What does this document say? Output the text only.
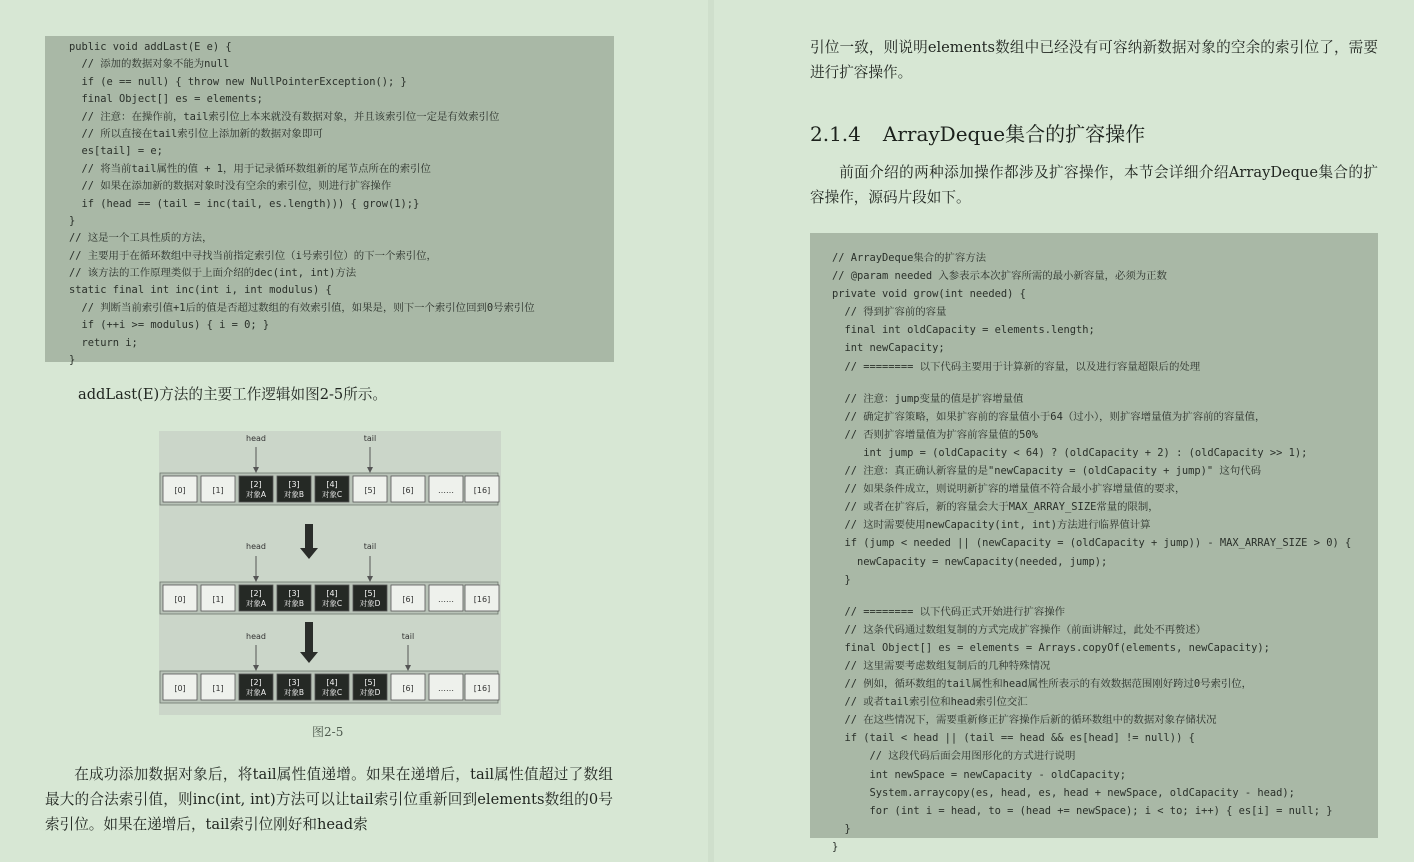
public void addLast(E e) {
// 添加的数据对象不能为null
if (e == null) { throw new NullPointerException(); }
final Object[] es = elements;
// 注意：在操作前，tail索引位上本来就没有数据对象，并且该索引位一定是有效索引位
// 所以直接在tail索引位上添加新的数据对象即可
es[tail] = e;
// 将当前tail属性的值 + 1，用于记录循环数组新的尾节点所在的索引位
// 如果在添加新的数据对象时没有空余的索引位，则进行扩容操作
if (head == (tail = inc(tail, es.length))) { grow(1);}
}
// 这是一个工具性质的方法，
// 主要用于在循环数组中寻找当前指定索引位（i号索引位）的下一个索引位，
// 该方法的工作原理类似于上面介绍的dec(int, int)方法
static final int inc(int i, int modulus) {
// 判断当前索引值+1后的值是否超过数组的有效索引值，如果是，则下一个索引位回到0号索引位
if (++i >= modulus) { i = 0; }
return i;
}
addLast(E)方法的主要工作逻辑如图2-5所示。
[0]	[1]
[2]
对象A
[3]
对象B
[4]
对象C	[5]	[6]	…… [16]
head	tail
[0]	[1]
[2]
对象A
[3]
对象B
[4]
对象C
[5]
对象D	[6]	…… [16]
head	tail
[0]	[1]
[2]
对象A
[3]
对象B
[4]
对象C
[5]
对象D	[6]	…… [16]
head	tail
图2-5
在成功添加数据对象后，将tail属性值递增。如果在递增后，tail属性值超过了数组最大的合法索引值，则inc(int, int)方法可以让tail索引位重新回到elements数组的0号索引位。如果在递增后，tail索引位刚好和head索
引位一致，则说明elements数组中已经没有可容纳新数据对象的空余的索引位了，需要进行扩容操作。
2.1.4 ArrayDeque集合的扩容操作
前面介绍的两种添加操作都涉及扩容操作，本节会详细介绍ArrayDeque集合的扩容操作，源码片段如下。
// ArrayDeque集合的扩容方法
// @param needed 入参表示本次扩容所需的最小新容量，必须为正数
private void grow(int needed) {
// 得到扩容前的容量
final int oldCapacity = elements.length;
int newCapacity;
// ======== 以下代码主要用于计算新的容量，以及进行容量超限后的处理
// 注意：jump变量的值是扩容增量值
// 确定扩容策略，如果扩容前的容量值小于64（过小），则扩容增量值为扩容前的容量值，
// 否则扩容增量值为扩容前容量值的50%
int jump = (oldCapacity < 64) ? (oldCapacity + 2) : (oldCapacity >> 1);
// 注意：真正确认新容量的是"newCapacity = (oldCapacity + jump)" 这句代码
// 如果条件成立，则说明新扩容的增量值不符合最小扩容增量值的要求，
// 或者在扩容后，新的容量会大于MAX_ARRAY_SIZE常量的限制，
// 这时需要使用newCapacity(int, int)方法进行临界值计算
if (jump < needed || (newCapacity = (oldCapacity + jump)) - MAX_ARRAY_SIZE > 0) {
newCapacity = newCapacity(needed, jump);
}
// ======== 以下代码正式开始进行扩容操作
// 这条代码通过数组复制的方式完成扩容操作（前面讲解过，此处不再赘述）
final Object[] es = elements = Arrays.copyOf(elements, newCapacity);
// 这里需要考虑数组复制后的几种特殊情况
// 例如，循环数组的tail属性和head属性所表示的有效数据范围刚好跨过0号索引位，
// 或者tail索引位和head索引位交汇
// 在这些情况下，需要重新修正扩容操作后新的循环数组中的数据对象存储状况
if (tail < head || (tail == head && es[head] != null)) {
// 这段代码后面会用图形化的方式进行说明
int newSpace = newCapacity - oldCapacity;
System.arraycopy(es, head, es, head + newSpace, oldCapacity - head);
for (int i = head, to = (head += newSpace); i < to; i++) { es[i] = null; }
}
}
